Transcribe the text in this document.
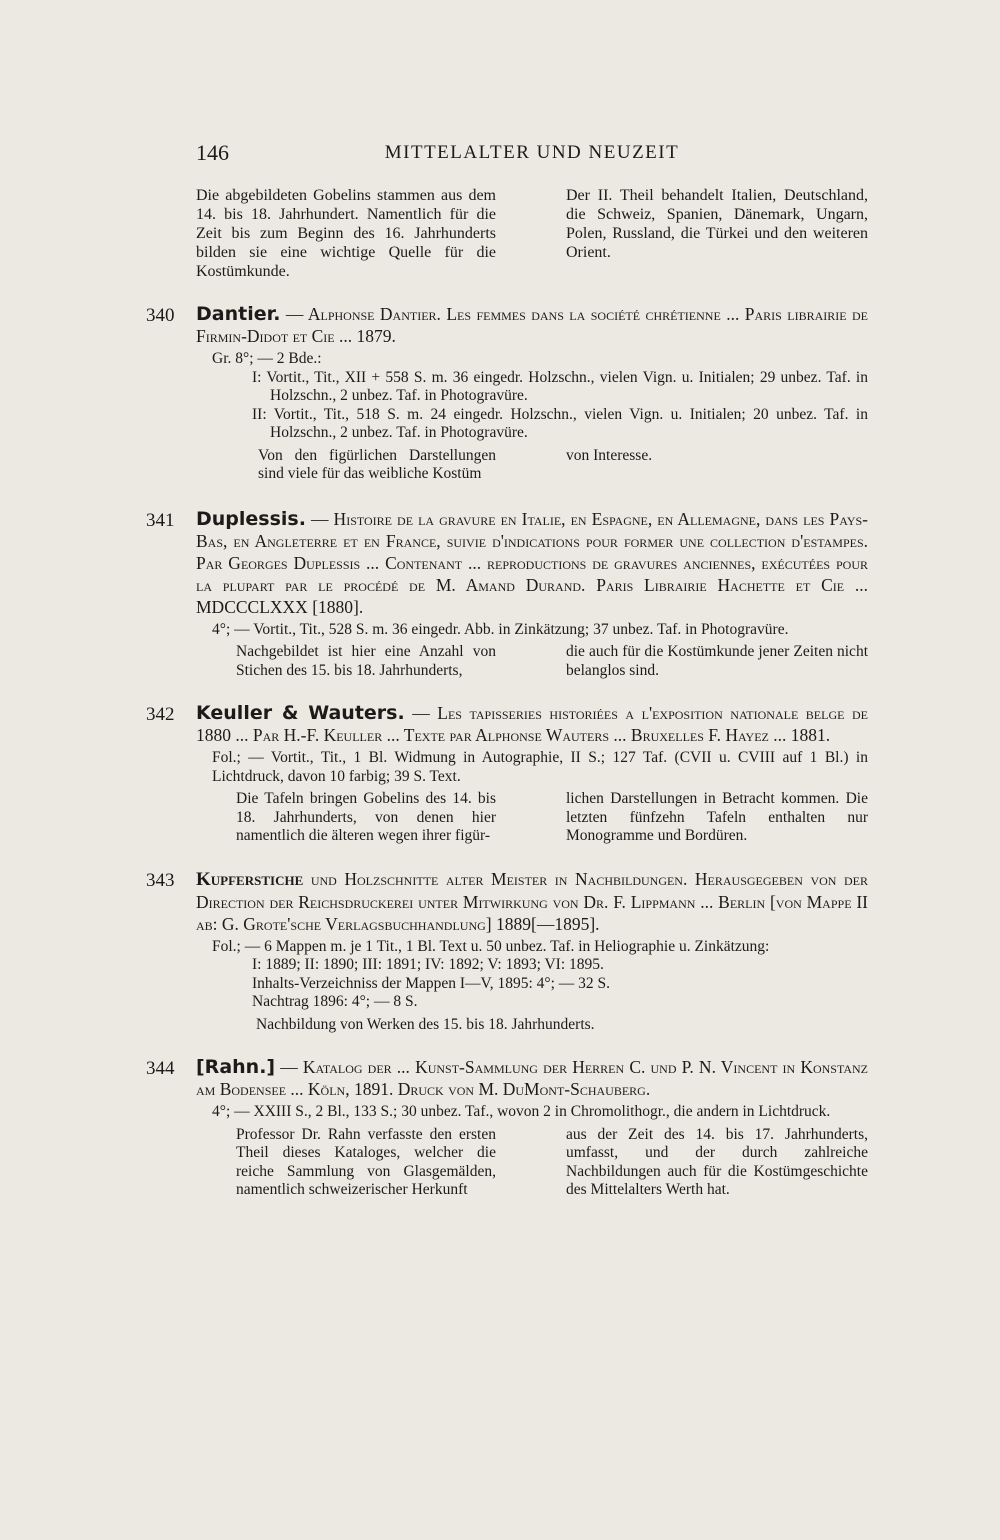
146	MITTELALTER UND NEUZEIT

Die abgebildeten Gobelins stammen aus dem 14. bis 18. Jahrhundert. Namentlich für die Zeit bis zum Beginn des 16. Jahrhunderts bilden sie eine wichtige Quelle für die Kostümkunde.

Der II. Theil behandelt Italien, Deutschland, die Schweiz, Spanien, Dänemark, Ungarn, Polen, Russland, die Türkei und den weiteren Orient.

340 Dantier. — Alphonse Dantier. Les femmes dans la société chrétienne ... Paris librairie de Firmin-Didot et Cie ... 1879.
Gr. 8°; — 2 Bde.:

I: Vortit., Tit., XII + 558 S. m. 36 eingedr. Holzschn., vielen Vign. u. Initialen; 29 unbez. Taf. in Holzschn., 2 unbez. Taf. in Photogravüre.

II: Vortit., Tit., 518 S. m. 24 eingedr. Holzschn., vielen Vign. u. Initialen; 20 unbez. Taf. in Holzschn., 2 unbez. Taf. in Photogravüre.

Von den figürlichen Darstellungen sind viele für das weibliche Kostüm
von Interesse.
341 Duplessis. — Histoire de la gravure en Italie, en Espagne, en Allemagne, dans les Pays-Bas, en Angleterre et en France, suivie d'indications pour former une collection d'estampes. Par Georges Duplessis ... Contenant ... reproductions de gravures anciennes, exécutées pour la plupart par le procédé de M. Amand Durand. Paris Librairie Hachette et Cie ... MDCCCLXXX [1880].
4°; — Vortit., Tit., 528 S. m. 36 eingedr. Abb. in Zinkätzung; 37 unbez. Taf. in Photogravüre.
Nachgebildet ist hier eine Anzahl von Stichen des 15. bis 18. Jahrhunderts,
die auch für die Kostümkunde jener Zeiten nicht belanglos sind.
342 Keuller & Wauters. — Les tapisseries historiées a l'exposition nationale belge de 1880 ... Par H.-F. Keuller ... Texte par Alphonse Wauters ... Bruxelles F. Hayez ... 1881.
Fol.; — Vortit., Tit., 1 Bl. Widmung in Autographie, II S.; 127 Taf. (CVII u. CVIII auf 1 Bl.) in Lichtdruck, davon 10 farbig; 39 S. Text.
Die Tafeln bringen Gobelins des 14. bis 18. Jahrhunderts, von denen hier namentlich die älteren wegen ihrer figür-
lichen Darstellungen in Betracht kommen. Die letzten fünfzehn Tafeln enthalten nur Monogramme und Bordüren.
343 Kupferstiche und Holzschnitte alter Meister in Nachbildungen. Herausgegeben von der Direction der Reichsdruckerei unter Mitwirkung von Dr. F. Lippmann ... Berlin [von Mappe II ab: G. Grote'sche Verlagsbuchhandlung] 1889[—1895].
Fol.; — 6 Mappen m. je 1 Tit., 1 Bl. Text u. 50 unbez. Taf. in Heliographie u. Zinkätzung:

I: 1889; II: 1890; III: 1891; IV: 1892; V: 1893; VI: 1895.

Inhalts-Verzeichniss der Mappen I—V, 1895: 4°; — 32 S.

Nachtrag 1896: 4°; — 8 S.

Nachbildung von Werken des 15. bis 18. Jahrhunderts.
344 [Rahn.] — Katalog der ... Kunst-Sammlung der Herren C. und P. N. Vincent in Konstanz am Bodensee ... Köln, 1891. Druck von M. DuMont-Schauberg.
4°; — XXIII S., 2 Bl., 133 S.; 30 unbez. Taf., wovon 2 in Chromolithogr., die andern in Lichtdruck.
Professor Dr. Rahn verfasste den ersten Theil dieses Kataloges, welcher die reiche Sammlung von Glasgemälden, namentlich schweizerischer Herkunft
aus der Zeit des 14. bis 17. Jahrhunderts, umfasst, und der durch zahlreiche Nachbildungen auch für die Kostümgeschichte des Mittelalters Werth hat.
